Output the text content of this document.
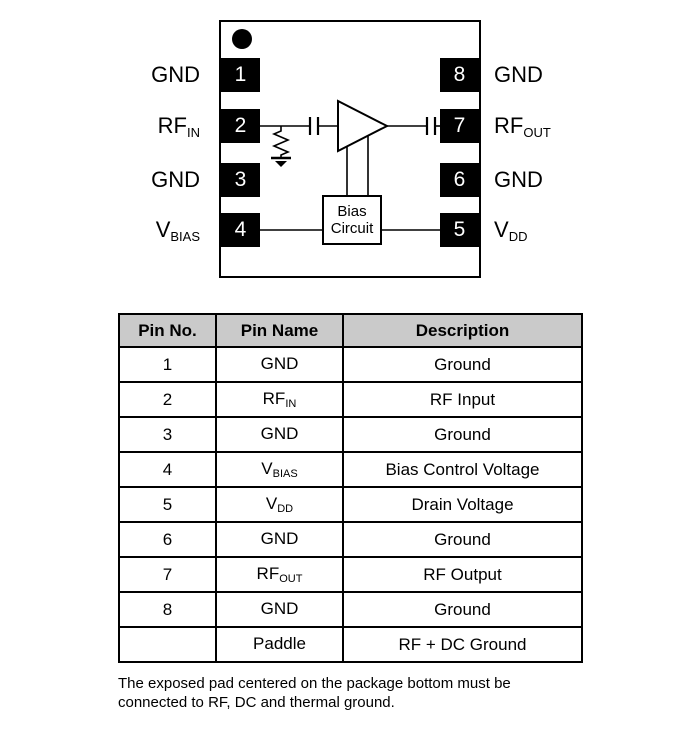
1
2
3
4
8
7
6
5
GND
$RF_{IN}$
GND
$V_{BIAS}$
GND
$RF_{OUT}$
GND
$V_{DD}$
Bias
Circuit
Pin No.	Pin Name	Description
1	GND	Ground
2	RFIN	RF Input
3	GND	Ground
4	VBIAS	Bias Control Voltage
5	VDD	Drain Voltage
6	GND	Ground
7	RFOUT	RF Output
8	GND	Ground
	Paddle	RF + DC Ground
The exposed pad centered on the package bottom must be
connected to RF, DC and thermal ground.
